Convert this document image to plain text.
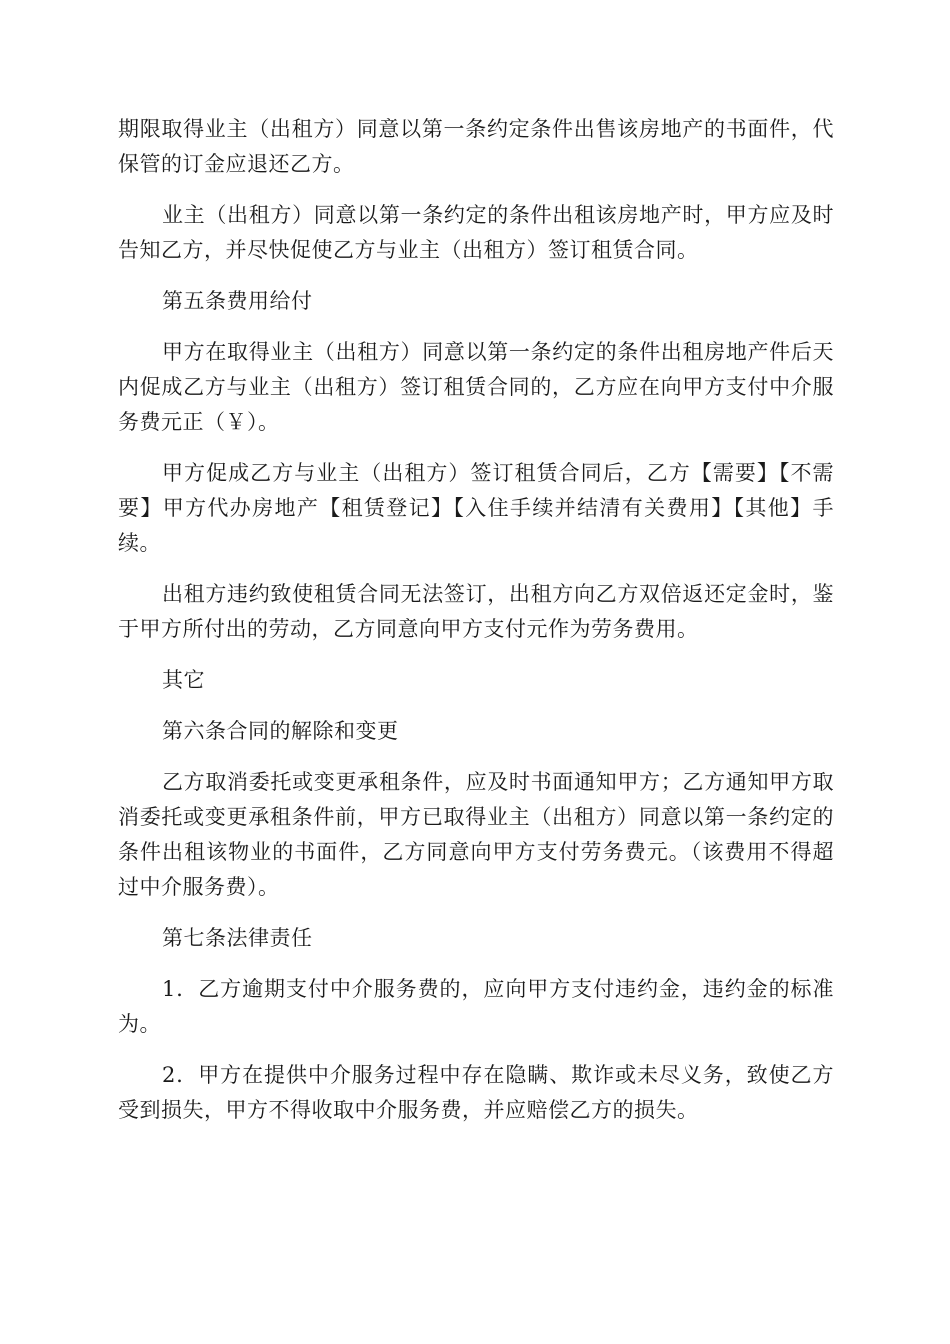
期限取得业主（出租方）同意以第一条约定条件出售该房地产的书面件，代保管的订金应退还乙方。

业主（出租方）同意以第一条约定的条件出租该房地产时，甲方应及时告知乙方，并尽快促使乙方与业主（出租方）签订租赁合同。

第五条费用给付

甲方在取得业主（出租方）同意以第一条约定的条件出租房地产件后天内促成乙方与业主（出租方）签订租赁合同的，乙方应在向甲方支付中介服务费元正（￥）。

甲方促成乙方与业主（出租方）签订租赁合同后，乙方【需要】【不需要】甲方代办房地产【租赁登记】【入住手续并结清有关费用】【其他】手续。

出租方违约致使租赁合同无法签订，出租方向乙方双倍返还定金时，鉴于甲方所付出的劳动，乙方同意向甲方支付元作为劳务费用。

其它

第六条合同的解除和变更

乙方取消委托或变更承租条件，应及时书面通知甲方；乙方通知甲方取消委托或变更承租条件前，甲方已取得业主（出租方）同意以第一条约定的条件出租该物业的书面件，乙方同意向甲方支付劳务费元。（该费用不得超过中介服务费）。

第七条法律责任

1．乙方逾期支付中介服务费的，应向甲方支付违约金，违约金的标准为。

2．甲方在提供中介服务过程中存在隐瞒、欺诈或未尽义务，致使乙方受到损失，甲方不得收取中介服务费，并应赔偿乙方的损失。
